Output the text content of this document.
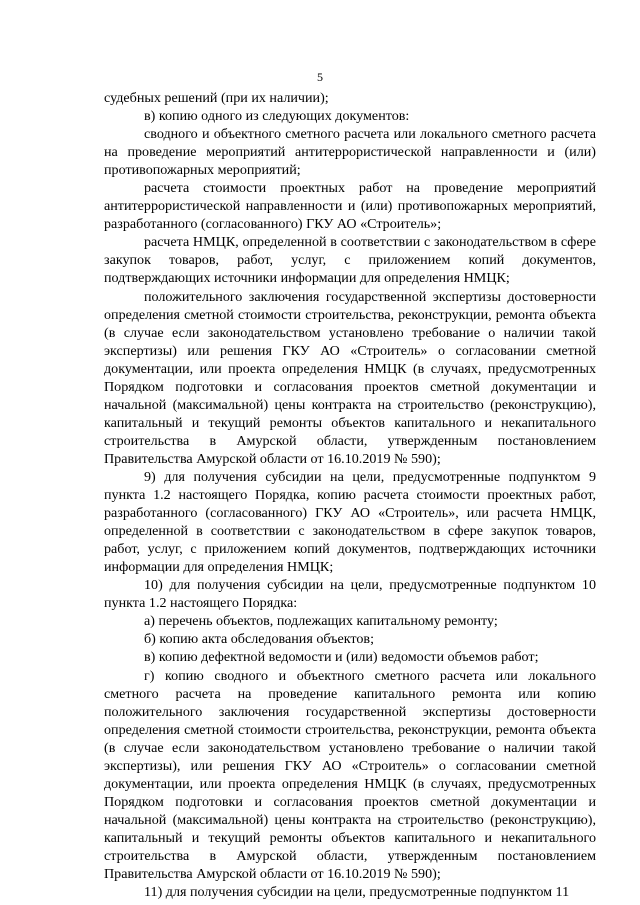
5

судебных решений (при их наличии);

в) копию одного из следующих документов:

сводного и объектного сметного расчета или локального сметного расчета на проведение мероприятий антитеррористической направленности и (или) противопожарных мероприятий;

расчета стоимости проектных работ на проведение мероприятий антитеррористической направленности и (или) противопожарных мероприятий, разработанного (согласованного) ГКУ АО «Строитель»;

расчета НМЦК, определенной в соответствии с законодательством в сфере закупок товаров, работ, услуг, с приложением копий документов, подтверждающих источники информации для определения НМЦК;

положительного заключения государственной экспертизы достоверности определения сметной стоимости строительства, реконструкции, ремонта объекта (в случае если законодательством установлено требование о наличии такой экспертизы) или решения ГКУ АО «Строитель» о согласовании сметной документации, или проекта определения НМЦК (в случаях, предусмотренных Порядком подготовки и согласования проектов сметной документации и начальной (максимальной) цены контракта на строительство (реконструкцию), капитальный и текущий ремонты объектов капитального и некапитального строительства в Амурской области, утвержденным постановлением Правительства Амурской области от 16.10.2019 № 590);

9) для получения субсидии на цели, предусмотренные подпунктом 9 пункта 1.2 настоящего Порядка, копию расчета стоимости проектных работ, разработанного (согласованного) ГКУ АО «Строитель», или расчета НМЦК, определенной в соответствии с законодательством в сфере закупок товаров, работ, услуг, с приложением копий документов, подтверждающих источники информации для определения НМЦК;

10) для получения субсидии на цели, предусмотренные подпунктом 10 пункта 1.2 настоящего Порядка:

а) перечень объектов, подлежащих капитальному ремонту;

б) копию акта обследования объектов;

в) копию дефектной ведомости и (или) ведомости объемов работ;

г) копию сводного и объектного сметного расчета или локального сметного расчета на проведение капитального ремонта или копию положительного заключения государственной экспертизы достоверности определения сметной стоимости строительства, реконструкции, ремонта объекта (в случае если законодательством установлено требование о наличии такой экспертизы), или решения ГКУ АО «Строитель» о согласовании сметной документации, или проекта определения НМЦК (в случаях, предусмотренных Порядком подготовки и согласования проектов сметной документации и начальной (максимальной) цены контракта на строительство (реконструкцию), капитальный и текущий ремонты объектов капитального и некапитального строительства в Амурской области, утвержденным постановлением Правительства Амурской области от 16.10.2019 № 590);

11) для получения субсидии на цели, предусмотренные подпунктом 11
